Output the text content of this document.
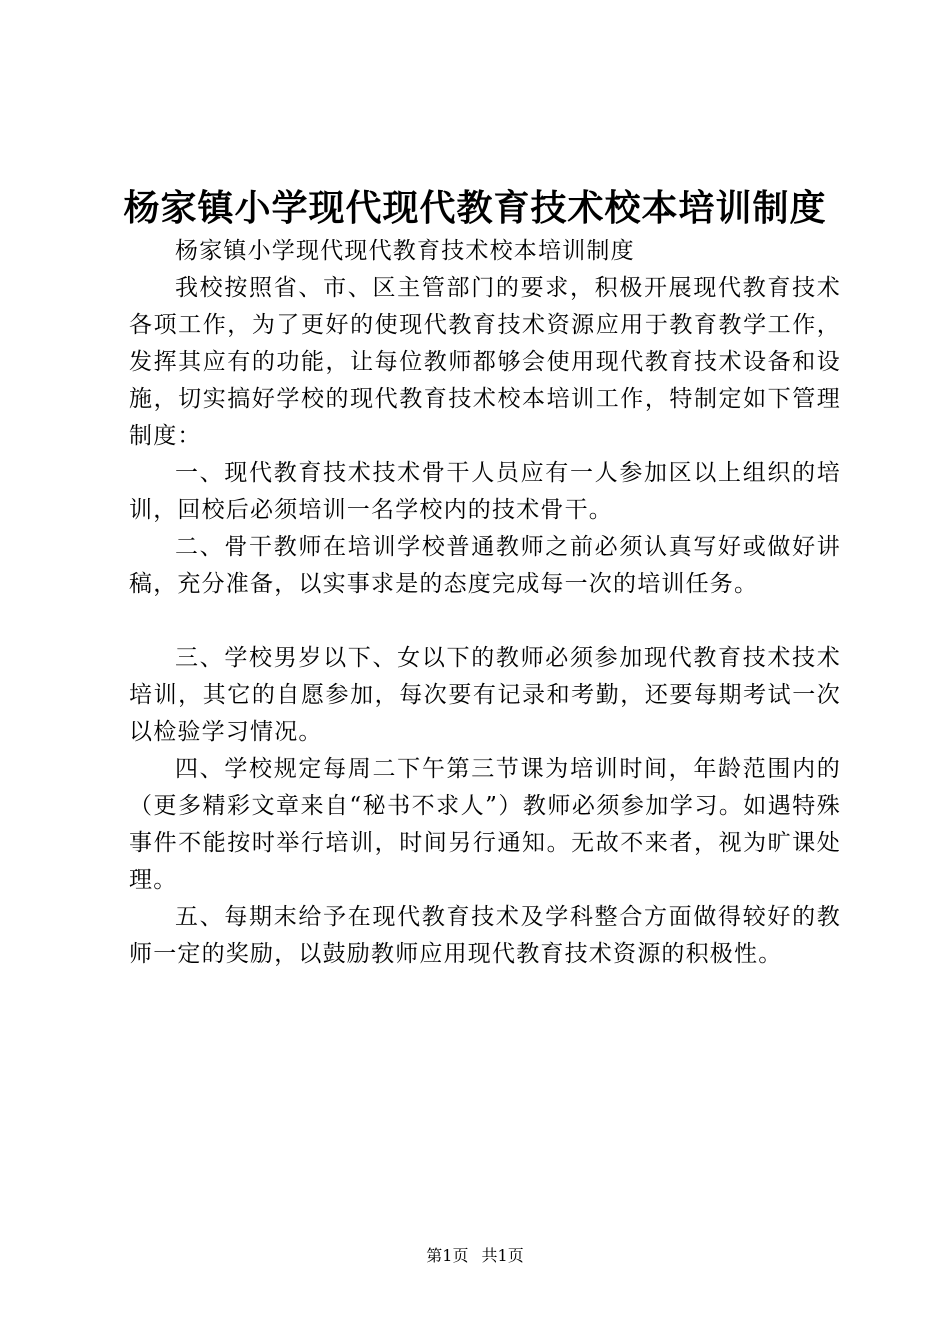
杨家镇小学现代现代教育技术校本培训制度

杨家镇小学现代现代教育技术校本培训制度

我校按照省、市、区主管部门的要求，积极开展现代教育技术各项工作，为了更好的使现代教育技术资源应用于教育教学工作，发挥其应有的功能，让每位教师都够会使用现代教育技术设备和设施，切实搞好学校的现代教育技术校本培训工作，特制定如下管理制度：

一、现代教育技术技术骨干人员应有一人参加区以上组织的培训，回校后必须培训一名学校内的技术骨干。

二、骨干教师在培训学校普通教师之前必须认真写好或做好讲稿，充分准备，以实事求是的态度完成每一次的培训任务。

三、学校男岁以下、女以下的教师必须参加现代教育技术技术培训，其它的自愿参加，每次要有记录和考勤，还要每期考试一次以检验学习情况。

四、学校规定每周二下午第三节课为培训时间，年龄范围内的（更多精彩文章来自“秘书不求人”）教师必须参加学习。如遇特殊事件不能按时举行培训，时间另行通知。无故不来者，视为旷课处理。

五、每期末给予在现代教育技术及学科整合方面做得较好的教师一定的奖励，以鼓励教师应用现代教育技术资源的积极性。

第1页 共1页
